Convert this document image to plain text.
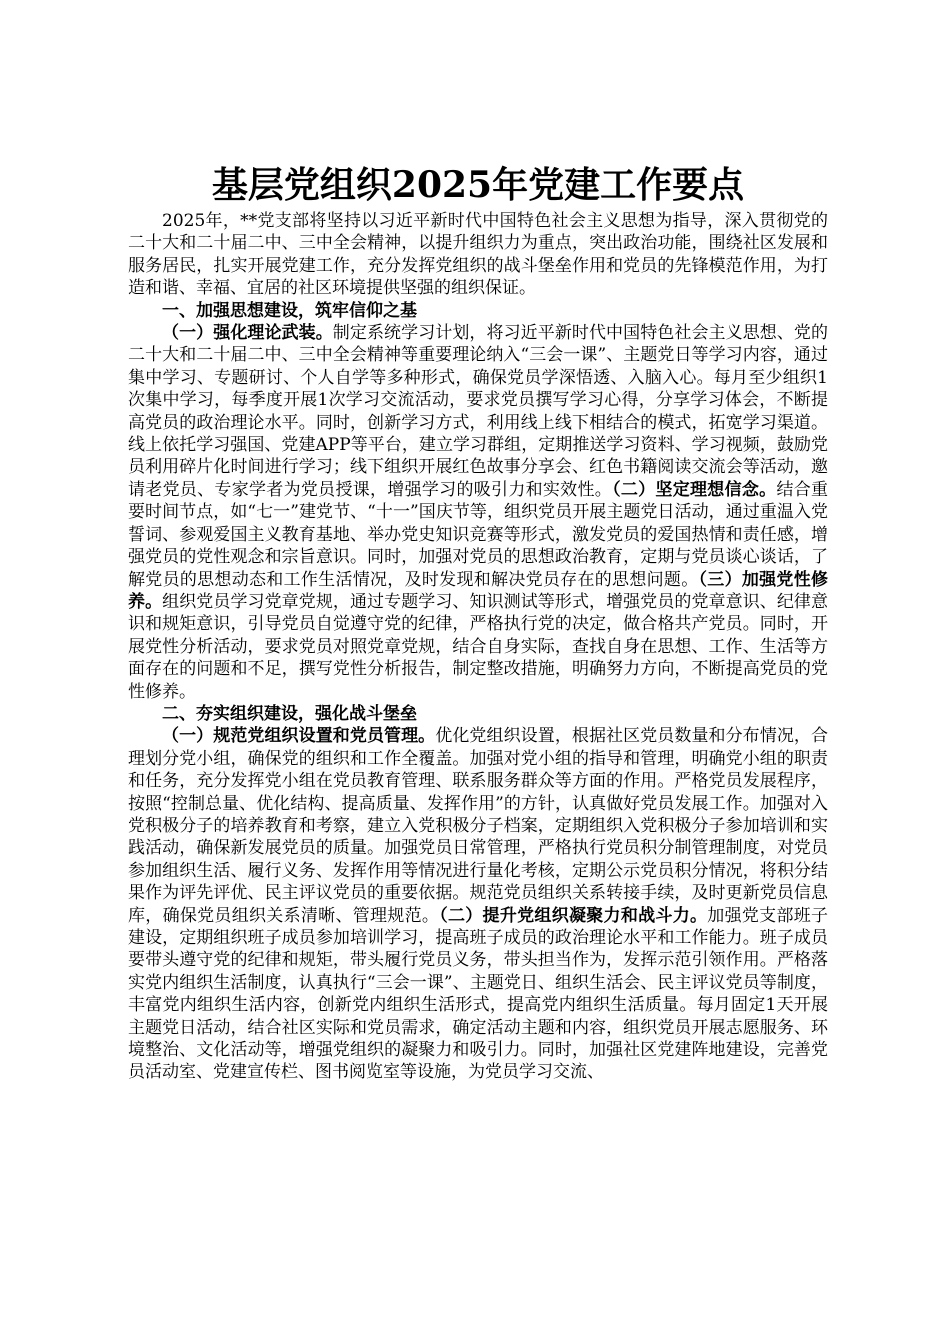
基层党组织2025年党建工作要点

2025年，**党支部将坚持以习近平新时代中国特色社会主义思想为指导，深入贯彻党的二十大和二十届二中、三中全会精神，以提升组织力为重点，突出政治功能，围绕社区发展和服务居民，扎实开展党建工作，充分发挥党组织的战斗堡垒作用和党员的先锋模范作用，为打造和谐、幸福、宜居的社区环境提供坚强的组织保证。

一、加强思想建设，筑牢信仰之基

（一）强化理论武装。制定系统学习计划，将习近平新时代中国特色社会主义思想、党的二十大和二十届二中、三中全会精神等重要理论纳入“三会一课”、主题党日等学习内容，通过集中学习、专题研讨、个人自学等多种形式，确保党员学深悟透、入脑入心。每月至少组织1次集中学习，每季度开展1次学习交流活动，要求党员撰写学习心得，分享学习体会，不断提高党员的政治理论水平。同时，创新学习方式，利用线上线下相结合的模式，拓宽学习渠道。线上依托学习强国、党建APP等平台，建立学习群组，定期推送学习资料、学习视频，鼓励党员利用碎片化时间进行学习；线下组织开展红色故事分享会、红色书籍阅读交流会等活动，邀请老党员、专家学者为党员授课，增强学习的吸引力和实效性。（二）坚定理想信念。结合重要时间节点，如“七一”建党节、“十一”国庆节等，组织党员开展主题党日活动，通过重温入党誓词、参观爱国主义教育基地、举办党史知识竞赛等形式，激发党员的爱国热情和责任感，增强党员的党性观念和宗旨意识。同时，加强对党员的思想政治教育，定期与党员谈心谈话，了解党员的思想动态和工作生活情况，及时发现和解决党员存在的思想问题。（三）加强党性修养。组织党员学习党章党规，通过专题学习、知识测试等形式，增强党员的党章意识、纪律意识和规矩意识，引导党员自觉遵守党的纪律，严格执行党的决定，做合格共产党员。同时，开展党性分析活动，要求党员对照党章党规，结合自身实际，查找自身在思想、工作、生活等方面存在的问题和不足，撰写党性分析报告，制定整改措施，明确努力方向，不断提高党员的党性修养。

二、夯实组织建设，强化战斗堡垒

（一）规范党组织设置和党员管理。优化党组织设置，根据社区党员数量和分布情况，合理划分党小组，确保党的组织和工作全覆盖。加强对党小组的指导和管理，明确党小组的职责和任务，充分发挥党小组在党员教育管理、联系服务群众等方面的作用。严格党员发展程序，按照“控制总量、优化结构、提高质量、发挥作用”的方针，认真做好党员发展工作。加强对入党积极分子的培养教育和考察，建立入党积极分子档案，定期组织入党积极分子参加培训和实践活动，确保新发展党员的质量。加强党员日常管理，严格执行党员积分制管理制度，对党员参加组织生活、履行义务、发挥作用等情况进行量化考核，定期公示党员积分情况，将积分结果作为评先评优、民主评议党员的重要依据。规范党员组织关系转接手续，及时更新党员信息库，确保党员组织关系清晰、管理规范。（二）提升党组织凝聚力和战斗力。加强党支部班子建设，定期组织班子成员参加培训学习，提高班子成员的政治理论水平和工作能力。班子成员要带头遵守党的纪律和规矩，带头履行党员义务，带头担当作为，发挥示范引领作用。严格落实党内组织生活制度，认真执行“三会一课”、主题党日、组织生活会、民主评议党员等制度，丰富党内组织生活内容，创新党内组织生活形式，提高党内组织生活质量。每月固定1天开展主题党日活动，结合社区实际和党员需求，确定活动主题和内容，组织党员开展志愿服务、环境整治、文化活动等，增强党组织的凝聚力和吸引力。同时，加强社区党建阵地建设，完善党员活动室、党建宣传栏、图书阅览室等设施，为党员学习交流、
